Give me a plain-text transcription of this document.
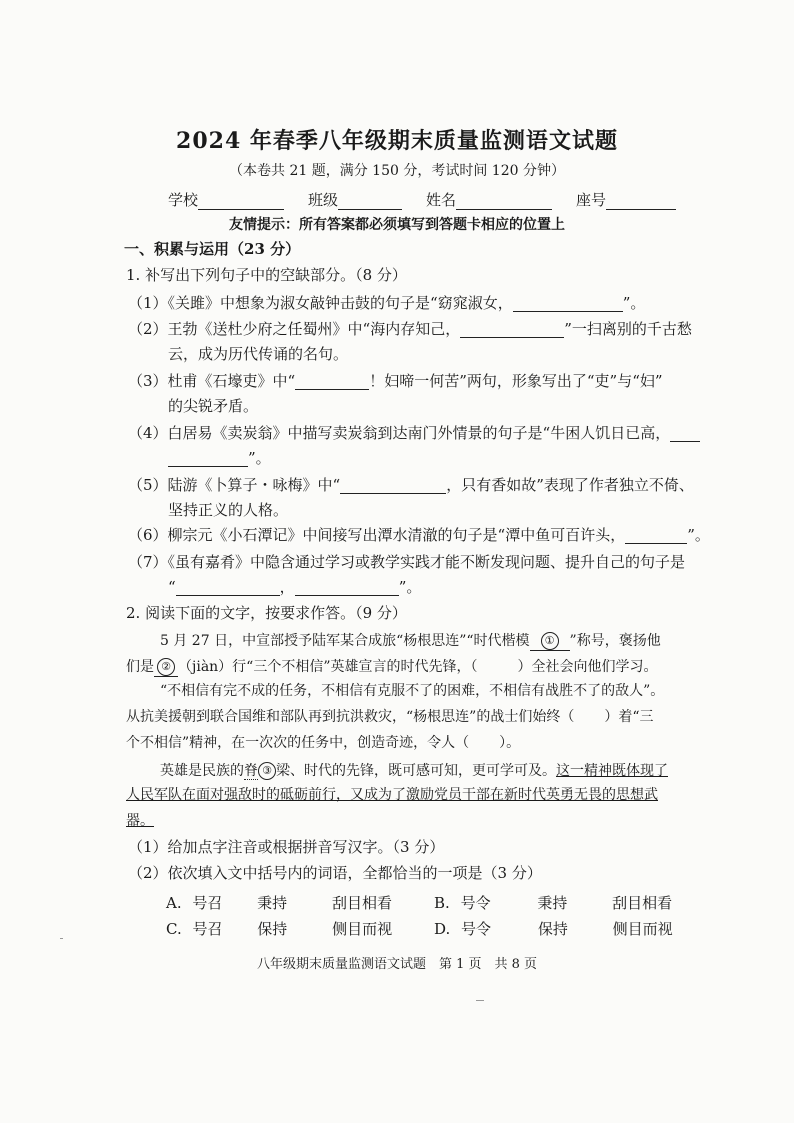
2024 年春季八年级期末质量监测语文试题
（本卷共 21 题，满分 150 分，考试时间 120 分钟）
学校	班级	姓名	座号
友情提示：所有答案都必须填写到答题卡相应的位置上
一、积累与运用（23 分）
1. 补写出下列句子中的空缺部分。（8 分）
（1）《关雎》中想象为淑女敲钟击鼓的句子是“窈窕淑女，	”。
（2）王勃《送杜少府之任蜀州》中“海内存知己，	”一扫离别的千古愁
云，成为历代传诵的名句。
（3）杜甫《石壕吏》中“	！妇啼一何苦”两句，形象写出了“吏”与“妇”
的尖锐矛盾。
（4）白居易《卖炭翁》中描写卖炭翁到达南门外情景的句子是“牛困人饥日已高，
”。
（5）陆游《卜算子・咏梅》中“	，只有香如故”表现了作者独立不倚、
坚持正义的人格。
（6）柳宗元《小石潭记》中间接写出潭水清澈的句子是“潭中鱼可百许头，	”。
（7）《虽有嘉肴》中隐含通过学习或教学实践才能不断发现问题、提升自己的句子是
“	，	”。
2. 阅读下面的文字，按要求作答。（9 分）
5 月 27 日，中宣部授予陆军某合成旅“杨根思连”“时代楷模 ① ”称号，褒扬他
们是 ② （jiàn）行“三个不相信”英雄宣言的时代先锋，（	）全社会向他们学习。
“不相信有完不成的任务，不相信有克服不了的困难，不相信有战胜不了的敌人”。
从抗美援朝到联合国维和部队再到抗洪救灾，“杨根思连”的战士们始终（ ）着“三
个不相信”精神，在一次次的任务中，创造奇迹，令人（ ）。
英雄是民族的脊 ③ 梁、时代的先锋，既可感可知，更可学可及。这一精神既体现了
人民军队在面对强敌时的砥砺前行，又成为了激励党员干部在新时代英勇无畏的思想武
器。
（1）给加点字注音或根据拼音写汉字。（3 分）
（2）依次填入文中括号内的词语，全都恰当的一项是（3 分）
A. 号召 秉持	刮目相看	B. 号令	秉持	刮目相看
C. 号召 保持	侧目而视	D. 号令	保持	侧目而视
八年级期末质量监测语文试题　第 1 页　共 8 页
